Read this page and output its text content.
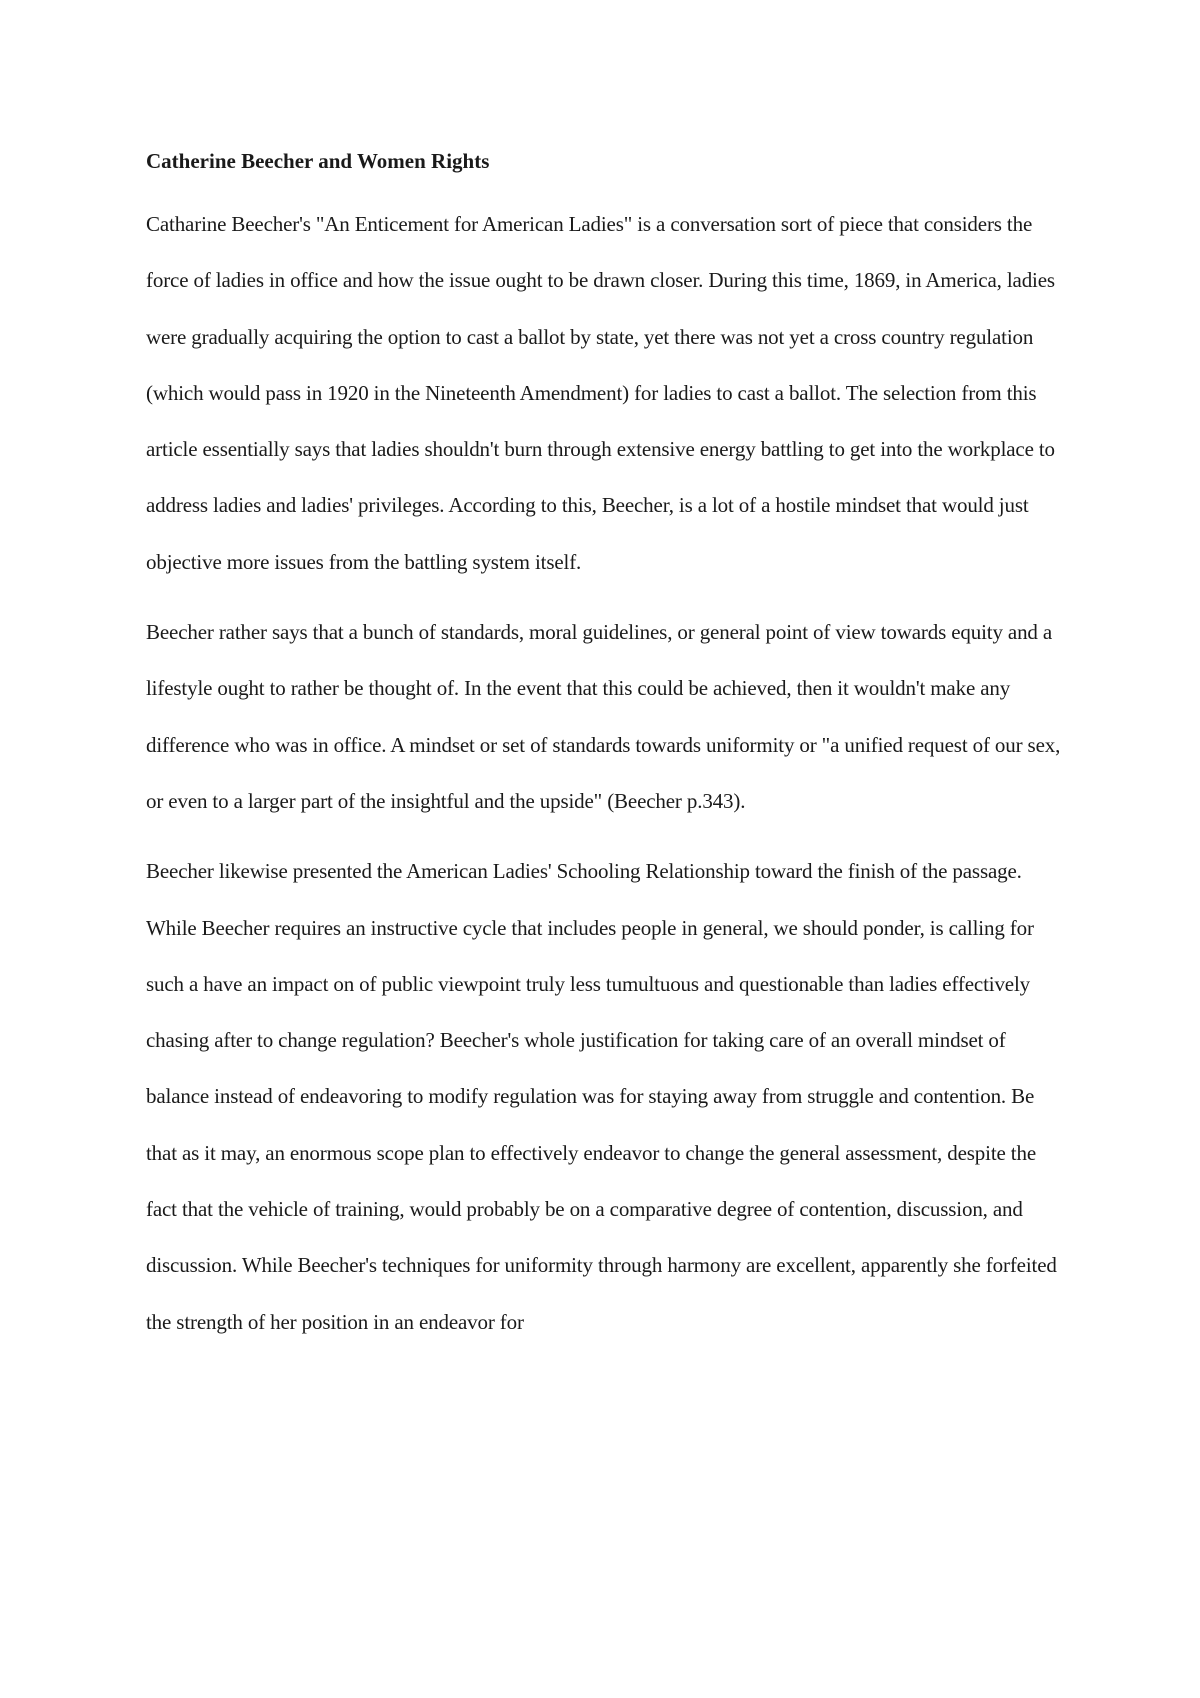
Catherine Beecher and Women Rights

Catharine Beecher's "An Enticement for American Ladies" is a conversation sort of piece that considers the force of ladies in office and how the issue ought to be drawn closer. During this time, 1869, in America, ladies were gradually acquiring the option to cast a ballot by state, yet there was not yet a cross country regulation (which would pass in 1920 in the Nineteenth Amendment) for ladies to cast a ballot. The selection from this article essentially says that ladies shouldn't burn through extensive energy battling to get into the workplace to address ladies and ladies' privileges. According to this, Beecher, is a lot of a hostile mindset that would just objective more issues from the battling system itself.

Beecher rather says that a bunch of standards, moral guidelines, or general point of view towards equity and a lifestyle ought to rather be thought of. In the event that this could be achieved, then it wouldn't make any difference who was in office. A mindset or set of standards towards uniformity or "a unified request of our sex, or even to a larger part of the insightful and the upside" (Beecher p.343).

Beecher likewise presented the American Ladies' Schooling Relationship toward the finish of the passage. While Beecher requires an instructive cycle that includes people in general, we should ponder, is calling for such a have an impact on of public viewpoint truly less tumultuous and questionable than ladies effectively chasing after to change regulation? Beecher's whole justification for taking care of an overall mindset of balance instead of endeavoring to modify regulation was for staying away from struggle and contention. Be that as it may, an enormous scope plan to effectively endeavor to change the general assessment, despite the fact that the vehicle of training, would probably be on a comparative degree of contention, discussion, and discussion. While Beecher's techniques for uniformity through harmony are excellent, apparently she forfeited the strength of her position in an endeavor for
